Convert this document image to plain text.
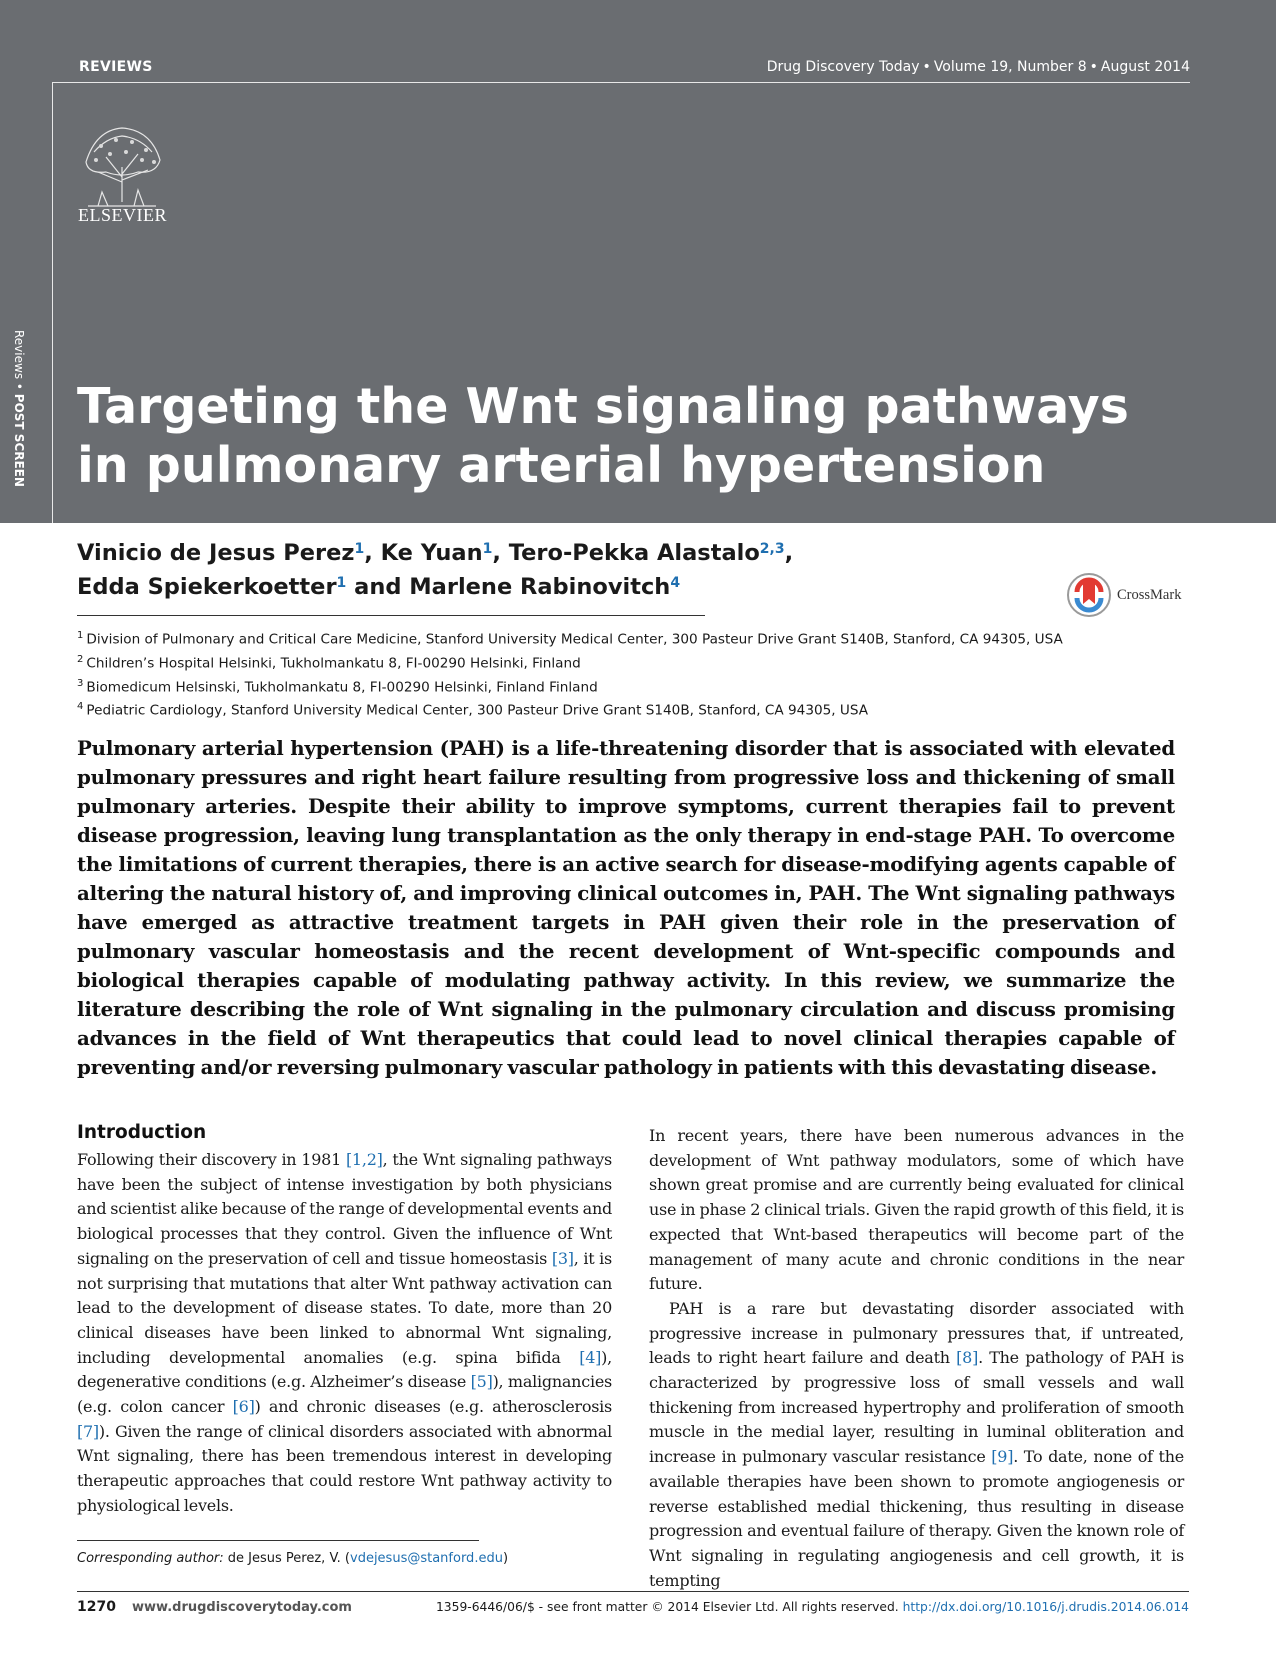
REVIEWS	Drug Discovery Today • Volume 19, Number 8 • August 2014
Reviews • POST SCREEN
ELSEVIER
Targeting the Wnt signaling pathways
in pulmonary arterial hypertension
Vinicio de Jesus Perez$^1$, Ke Yuan$^1$, Tero-Pekka Alastalo$^{2,3}$,
Edda Spiekerkoetter$^1$ and Marlene Rabinovitch$^4$
CrossMark
$^1$ Division of Pulmonary and Critical Care Medicine, Stanford University Medical Center, 300 Pasteur Drive Grant S140B, Stanford, CA 94305, USA
$^2$ Children’s Hospital Helsinki, Tukholmankatu 8, FI-00290 Helsinki, Finland
$^3$ Biomedicum Helsinski, Tukholmankatu 8, FI-00290 Helsinki, Finland Finland
$^4$ Pediatric Cardiology, Stanford University Medical Center, 300 Pasteur Drive Grant S140B, Stanford, CA 94305, USA

Pulmonary arterial hypertension (PAH) is a life-threatening disorder that is associated with elevated pulmonary pressures and right heart failure resulting from progressive loss and thickening of small pulmonary arteries. Despite their ability to improve symptoms, current therapies fail to prevent disease progression, leaving lung transplantation as the only therapy in end-stage PAH. To overcome the limitations of current therapies, there is an active search for disease-modifying agents capable of altering the natural history of, and improving clinical outcomes in, PAH. The Wnt signaling pathways have emerged as attractive treatment targets in PAH given their role in the preservation of pulmonary vascular homeostasis and the recent development of Wnt-specific compounds and biological therapies capable of modulating pathway activity. In this review, we summarize the literature describing the role of Wnt signaling in the pulmonary circulation and discuss promising advances in the field of Wnt therapeutics that could lead to novel clinical therapies capable of preventing and/or reversing pulmonary vascular pathology in patients with this devastating disease.

Introduction

Following their discovery in 1981 [1,2], the Wnt signaling pathways have been the subject of intense investigation by both physicians and scientist alike because of the range of developmental events and biological processes that they control. Given the influence of Wnt signaling on the preservation of cell and tissue homeostasis [3], it is not surprising that mutations that alter Wnt pathway activation can lead to the development of disease states. To date, more than 20 clinical diseases have been linked to abnormal Wnt signaling, including developmental anomalies (e.g. spina bifida [4]), degenerative conditions (e.g. Alzheimer’s disease [5]), malignancies (e.g. colon cancer [6]) and chronic diseases (e.g. atherosclerosis [7]). Given the range of clinical disorders associated with abnormal Wnt signaling, there has been tremendous interest in developing therapeutic approaches that could restore Wnt pathway activity to physiological levels.

In recent years, there have been numerous advances in the development of Wnt pathway modulators, some of which have shown great promise and are currently being evaluated for clinical use in phase 2 clinical trials. Given the rapid growth of this field, it is expected that Wnt-based therapeutics will become part of the management of many acute and chronic conditions in the near future.

PAH is a rare but devastating disorder associated with progressive increase in pulmonary pressures that, if untreated, leads to right heart failure and death [8]. The pathology of PAH is characterized by progressive loss of small vessels and wall thickening from increased hypertrophy and proliferation of smooth muscle in the medial layer, resulting in luminal obliteration and increase in pulmonary vascular resistance [9]. To date, none of the available therapies have been shown to promote angiogenesis or reverse established medial thickening, thus resulting in disease progression and eventual failure of therapy. Given the known role of Wnt signaling in regulating angiogenesis and cell growth, it is tempting

Corresponding author: de Jesus Perez, V. (vdejesus@stanford.edu)
1270 www.drugdiscoverytoday.com	1359-6446/06/$ - see front matter © 2014 Elsevier Ltd. All rights reserved. http://dx.doi.org/10.1016/j.drudis.2014.06.014
